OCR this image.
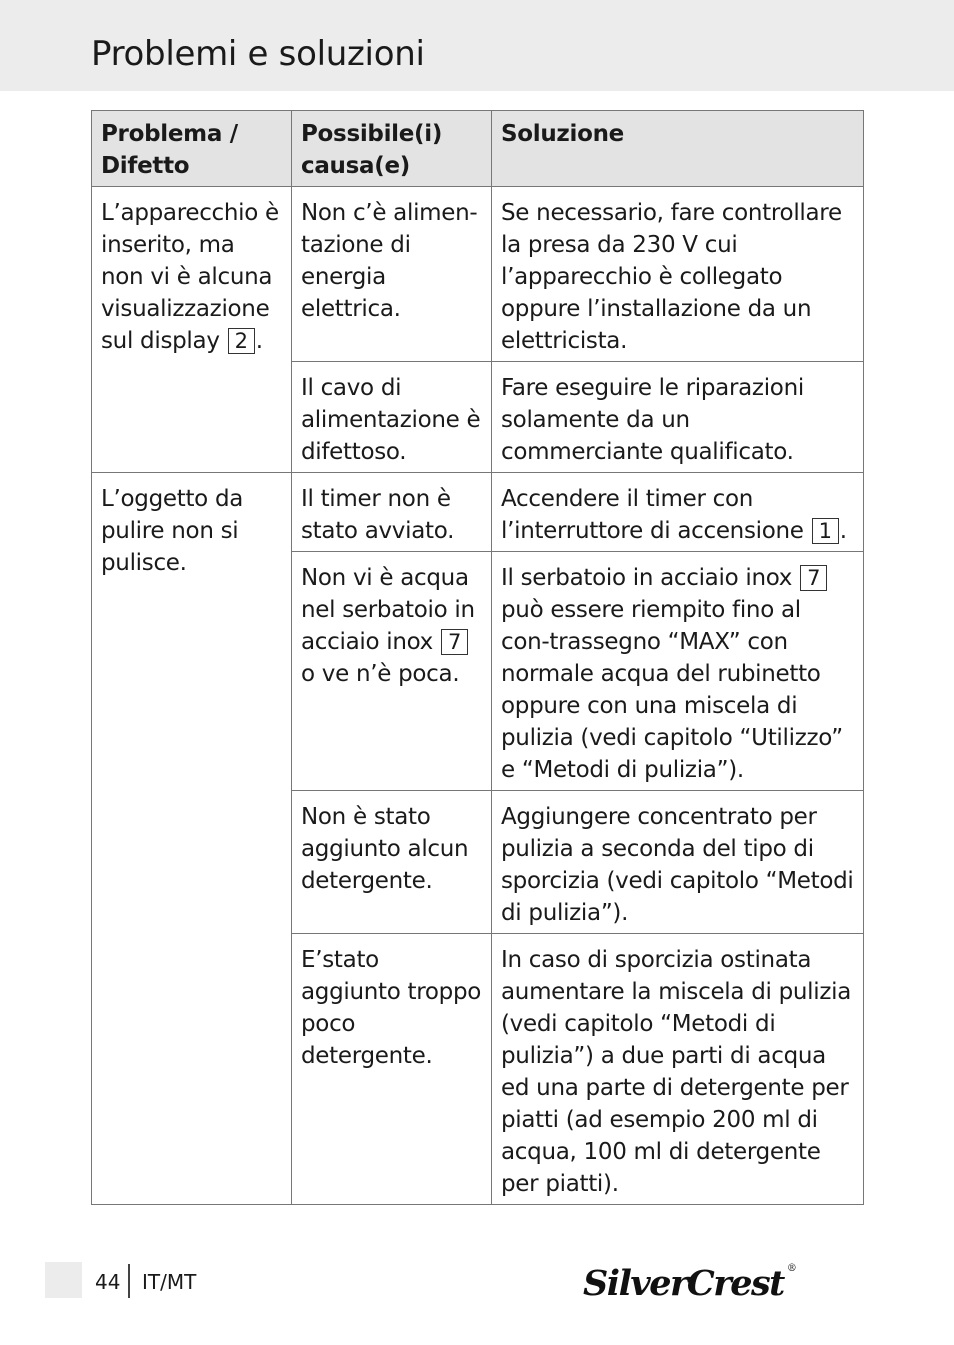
Problemi e soluzioni
Problema / Difetto	Possibile(i) causa(e)	Soluzione
L’apparecchio è inserito, ma non vi è alcuna visualizzazione sul display 2 .	Non c’è alimen-tazione di energia elettrica.	Se necessario, fare controllare la presa da 230 V cui l’apparecchio è collegato oppure l’installazione da un elettricista.
	Il cavo di alimentazione è difettoso.	Fare eseguire le riparazioni solamente da un commerciante qualificato.
L’oggetto da pulire non si pulisce.	Il timer non è stato avviato.	Accendere il timer con l’interruttore di accensione 1 .
	Non vi è acqua nel serbatoio in acciaio inox 7 o ve n’è poca.	Il serbatoio in acciaio inox 7 può essere riempito fino al con-trassegno “MAX” con normale acqua del rubinetto oppure con una miscela di pulizia (vedi capitolo “Utilizzo” e “Metodi di pulizia”).
	Non è stato aggiunto alcun detergente.	Aggiungere concentrato per pulizia a seconda del tipo di sporcizia (vedi capitolo “Metodi di pulizia”).
	E’stato aggiunto troppo poco detergente.	In caso di sporcizia ostinata aumentare la miscela di pulizia (vedi capitolo “Metodi di pulizia”) a due parti di acqua ed una parte di detergente per piatti (ad esempio 200 ml di acqua, 100 ml di detergente per piatti).
44 IT/MT	SilverCrest ®
